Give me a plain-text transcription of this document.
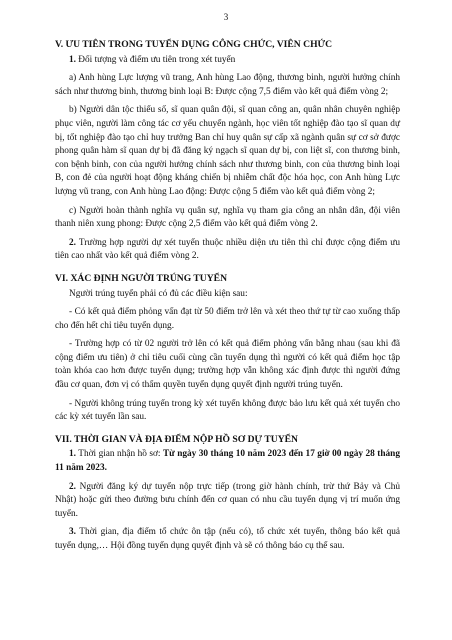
3
V. ƯU TIÊN TRONG TUYỂN DỤNG CÔNG CHỨC, VIÊN CHỨC
1. Đối tượng và điểm ưu tiên trong xét tuyển
a) Anh hùng Lực lượng vũ trang, Anh hùng Lao động, thương binh, người hưởng chính sách như thương binh, thương binh loại B: Được cộng 7,5 điểm vào kết quả điểm vòng 2;
b) Người dân tộc thiểu số, sĩ quan quân đội, sĩ quan công an, quân nhân chuyên nghiệp phục viên, người làm công tác cơ yếu chuyển ngành, học viên tốt nghiệp đào tạo sĩ quan dự bị, tốt nghiệp đào tạo chỉ huy trưởng Ban chỉ huy quân sự cấp xã ngành quân sự cơ sở được phong quân hàm sĩ quan dự bị đã đăng ký ngạch sĩ quan dự bị, con liệt sĩ, con thương binh, con bệnh binh, con của người hưởng chính sách như thương binh, con của thương binh loại B, con đẻ của người hoạt động kháng chiến bị nhiễm chất độc hóa học, con Anh hùng Lực lượng vũ trang, con Anh hùng Lao động: Được cộng 5 điểm vào kết quả điểm vòng 2;
c) Người hoàn thành nghĩa vụ quân sự, nghĩa vụ tham gia công an nhân dân, đội viên thanh niên xung phong: Được cộng 2,5 điểm vào kết quả điểm vòng 2.
2. Trường hợp người dự xét tuyển thuộc nhiều diện ưu tiên thì chỉ được cộng điểm ưu tiên cao nhất vào kết quả điểm vòng 2.
VI. XÁC ĐỊNH NGƯỜI TRÚNG TUYỂN
Người trúng tuyển phải có đủ các điều kiện sau:
- Có kết quả điểm phỏng vấn đạt từ 50 điểm trở lên và xét theo thứ tự từ cao xuống thấp cho đến hết chỉ tiêu tuyển dụng.
- Trường hợp có từ 02 người trở lên có kết quả điểm phỏng vấn bằng nhau (sau khi đã cộng điểm ưu tiên) ở chỉ tiêu cuối cùng cần tuyển dụng thì người có kết quả điểm học tập toàn khóa cao hơn được tuyển dụng; trường hợp vẫn không xác định được thì người đứng đầu cơ quan, đơn vị có thẩm quyền tuyển dụng quyết định người trúng tuyển.
- Người không trúng tuyển trong kỳ xét tuyển không được bảo lưu kết quả xét tuyển cho các kỳ xét tuyển lần sau.
VII. THỜI GIAN VÀ ĐỊA ĐIỂM NỘP HỒ SƠ DỰ TUYỂN
1. Thời gian nhận hồ sơ: Từ ngày 30 tháng 10 năm 2023 đến 17 giờ 00 ngày 28 tháng 11 năm 2023.
2. Người đăng ký dự tuyển nộp trực tiếp (trong giờ hành chính, trừ thứ Bảy và Chủ Nhật) hoặc gửi theo đường bưu chính đến cơ quan có nhu cầu tuyển dụng vị trí muốn ứng tuyển.
3. Thời gian, địa điểm tổ chức ôn tập (nếu có), tổ chức xét tuyển, thông báo kết quả tuyển dụng,… Hội đồng tuyển dụng quyết định và sẽ có thông báo cụ thể sau.
